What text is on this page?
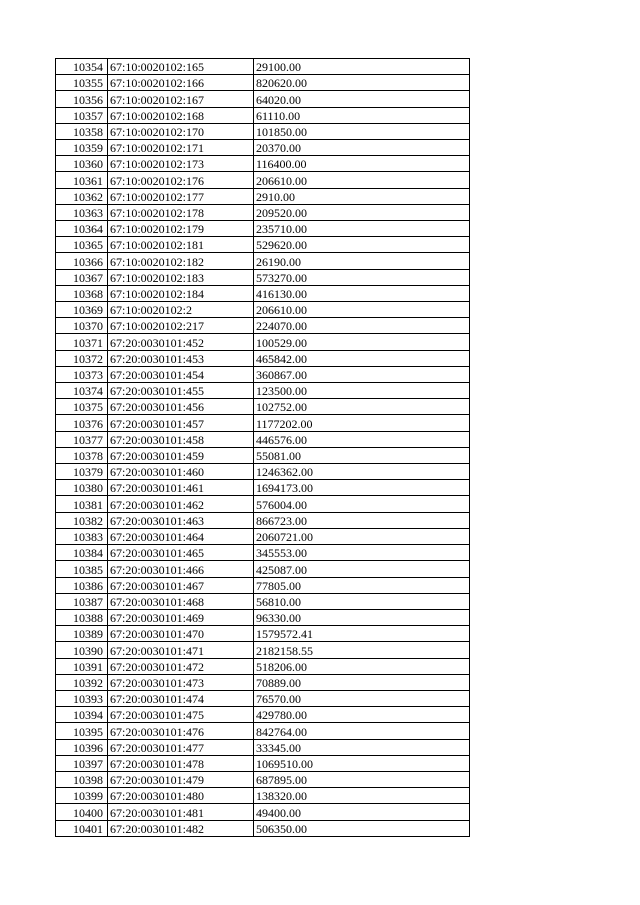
10354	67:10:0020102:165	29100.00
10355	67:10:0020102:166	820620.00
10356	67:10:0020102:167	64020.00
10357	67:10:0020102:168	61110.00
10358	67:10:0020102:170	101850.00
10359	67:10:0020102:171	20370.00
10360	67:10:0020102:173	116400.00
10361	67:10:0020102:176	206610.00
10362	67:10:0020102:177	2910.00
10363	67:10:0020102:178	209520.00
10364	67:10:0020102:179	235710.00
10365	67:10:0020102:181	529620.00
10366	67:10:0020102:182	26190.00
10367	67:10:0020102:183	573270.00
10368	67:10:0020102:184	416130.00
10369	67:10:0020102:2	206610.00
10370	67:10:0020102:217	224070.00
10371	67:20:0030101:452	100529.00
10372	67:20:0030101:453	465842.00
10373	67:20:0030101:454	360867.00
10374	67:20:0030101:455	123500.00
10375	67:20:0030101:456	102752.00
10376	67:20:0030101:457	1177202.00
10377	67:20:0030101:458	446576.00
10378	67:20:0030101:459	55081.00
10379	67:20:0030101:460	1246362.00
10380	67:20:0030101:461	1694173.00
10381	67:20:0030101:462	576004.00
10382	67:20:0030101:463	866723.00
10383	67:20:0030101:464	2060721.00
10384	67:20:0030101:465	345553.00
10385	67:20:0030101:466	425087.00
10386	67:20:0030101:467	77805.00
10387	67:20:0030101:468	56810.00
10388	67:20:0030101:469	96330.00
10389	67:20:0030101:470	1579572.41
10390	67:20:0030101:471	2182158.55
10391	67:20:0030101:472	518206.00
10392	67:20:0030101:473	70889.00
10393	67:20:0030101:474	76570.00
10394	67:20:0030101:475	429780.00
10395	67:20:0030101:476	842764.00
10396	67:20:0030101:477	33345.00
10397	67:20:0030101:478	1069510.00
10398	67:20:0030101:479	687895.00
10399	67:20:0030101:480	138320.00
10400	67:20:0030101:481	49400.00
10401	67:20:0030101:482	506350.00
